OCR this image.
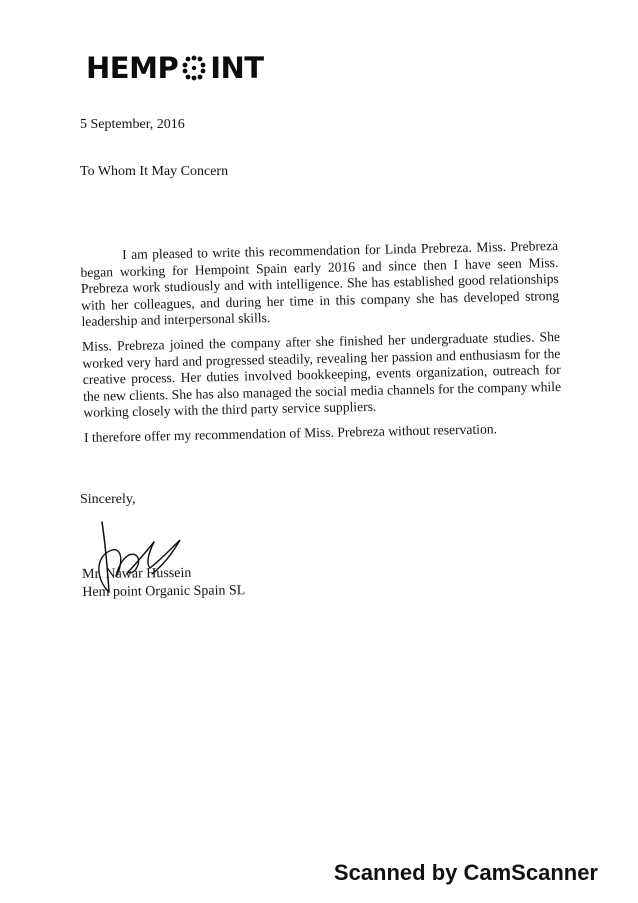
HEMP INT
5 September, 2016
To Whom It May Concern

I am pleased to write this recommendation for Linda Prebreza. Miss. Prebreza began working for Hempoint Spain early 2016 and since then I have seen Miss. Prebreza work studiously and with intelligence. She has established good relationships with her colleagues, and during her time in this company she has developed strong leadership and interpersonal skills.

Miss. Prebreza joined the company after she finished her undergraduate studies. She worked very hard and progressed steadily, revealing her passion and enthusiasm for the creative process. Her duties involved bookkeeping, events organization, outreach for the new clients. She has also managed the social media channels for the company while working closely with the third party service suppliers.

I therefore offer my recommendation of Miss. Prebreza without reservation.

Sincerely,
Mr. Nawar Hussein
Hem point Organic Spain SL
Scanned by CamScanner
